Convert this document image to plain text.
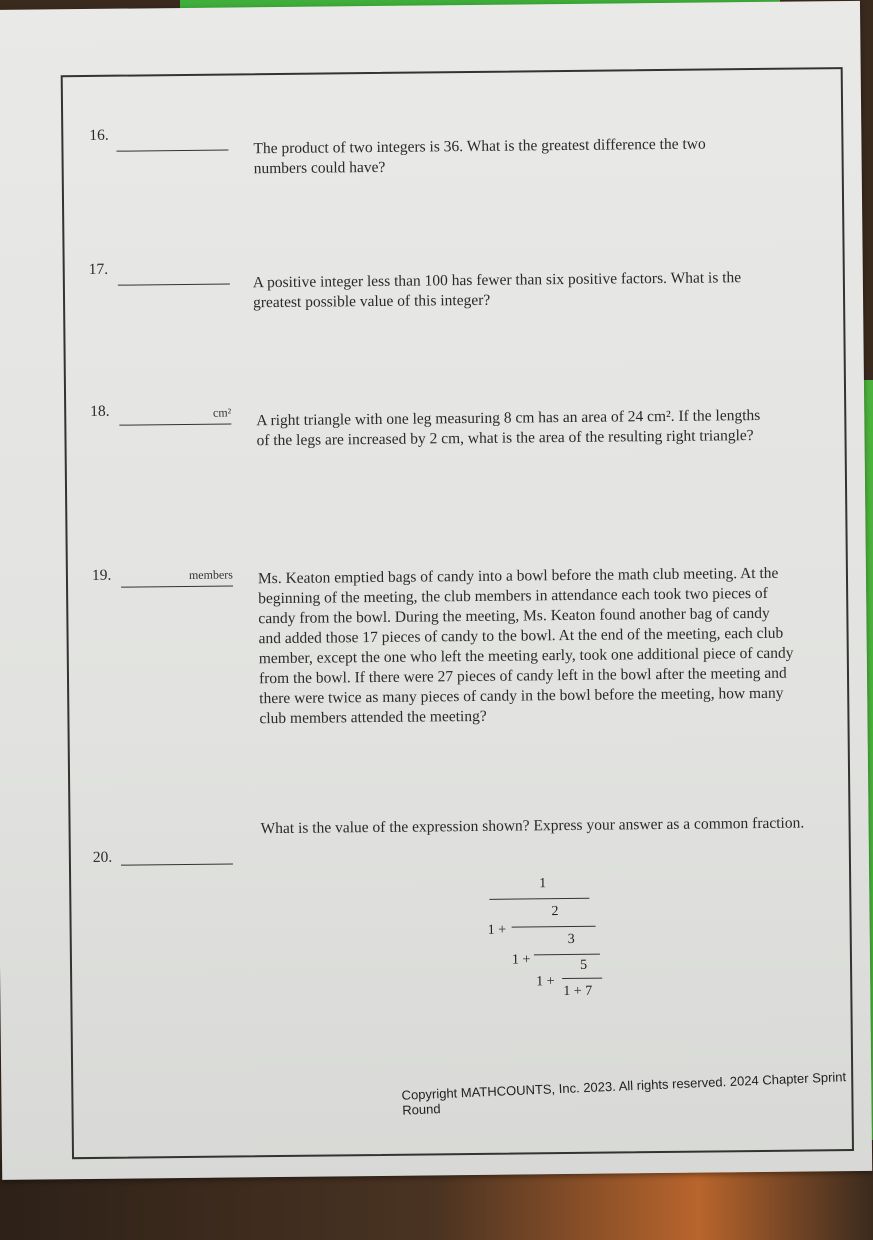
16.
The product of two integers is 36. What is the greatest difference the two numbers could have?
17.	A positive integer less than 100 has fewer than six positive factors. What is the greatest possible value of this integer?
18.	cm² A right triangle with one leg measuring 8 cm has an area of 24 cm². If the lengths of the legs are increased by 2 cm, what is the area of the resulting right triangle?
19.	members Ms. Keaton emptied bags of candy into a bowl before the math club meeting. At the beginning of the meeting, the club members in attendance each took two pieces of candy from the bowl. During the meeting, Ms. Keaton found another bag of candy and added those 17 pieces of candy to the bowl. At the end of the meeting, each club member, except the one who left the meeting early, took one additional piece of candy from the bowl. If there were 27 pieces of candy left in the bowl after the meeting and there were twice as many pieces of candy in the bowl before the meeting, how many club members attended the meeting?
20.
What is the value of the expression shown? Express your answer as a common fraction.
1
1 +
2
1 +
3
1 +
5
1 + 7
Copyright MATHCOUNTS, Inc. 2023. All rights reserved. 2024 Chapter Sprint Round
